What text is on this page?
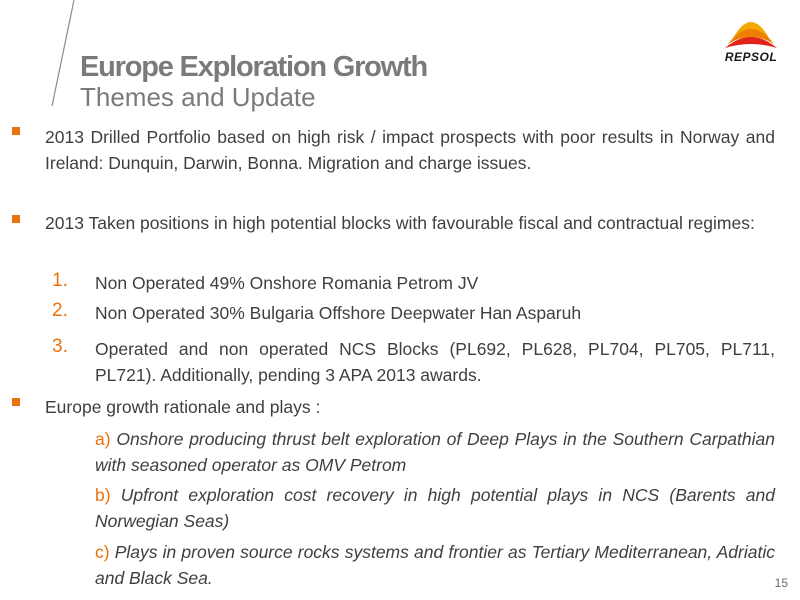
Europe Exploration Growth
Themes and Update
REPSOL
2013 Drilled Portfolio based on high risk / impact prospects with poor results in Norway and Ireland: Dunquin, Darwin, Bonna. Migration and charge issues.
2013 Taken positions in high potential blocks with favourable fiscal and contractual regimes:
1. Non Operated 49% Onshore Romania Petrom JV
2. Non Operated 30% Bulgaria Offshore Deepwater Han Asparuh
3. Operated and non operated NCS Blocks (PL692, PL628, PL704, PL705, PL711, PL721). Additionally, pending 3 APA 2013 awards.
Europe growth rationale and plays :
a) Onshore producing thrust belt exploration of Deep Plays in the Southern Carpathian with seasoned operator as OMV Petrom
b) Upfront exploration cost recovery in high potential plays in NCS (Barents and Norwegian Seas)
c) Plays in proven source rocks systems and frontier as Tertiary Mediterranean, Adriatic and Black Sea.	15
